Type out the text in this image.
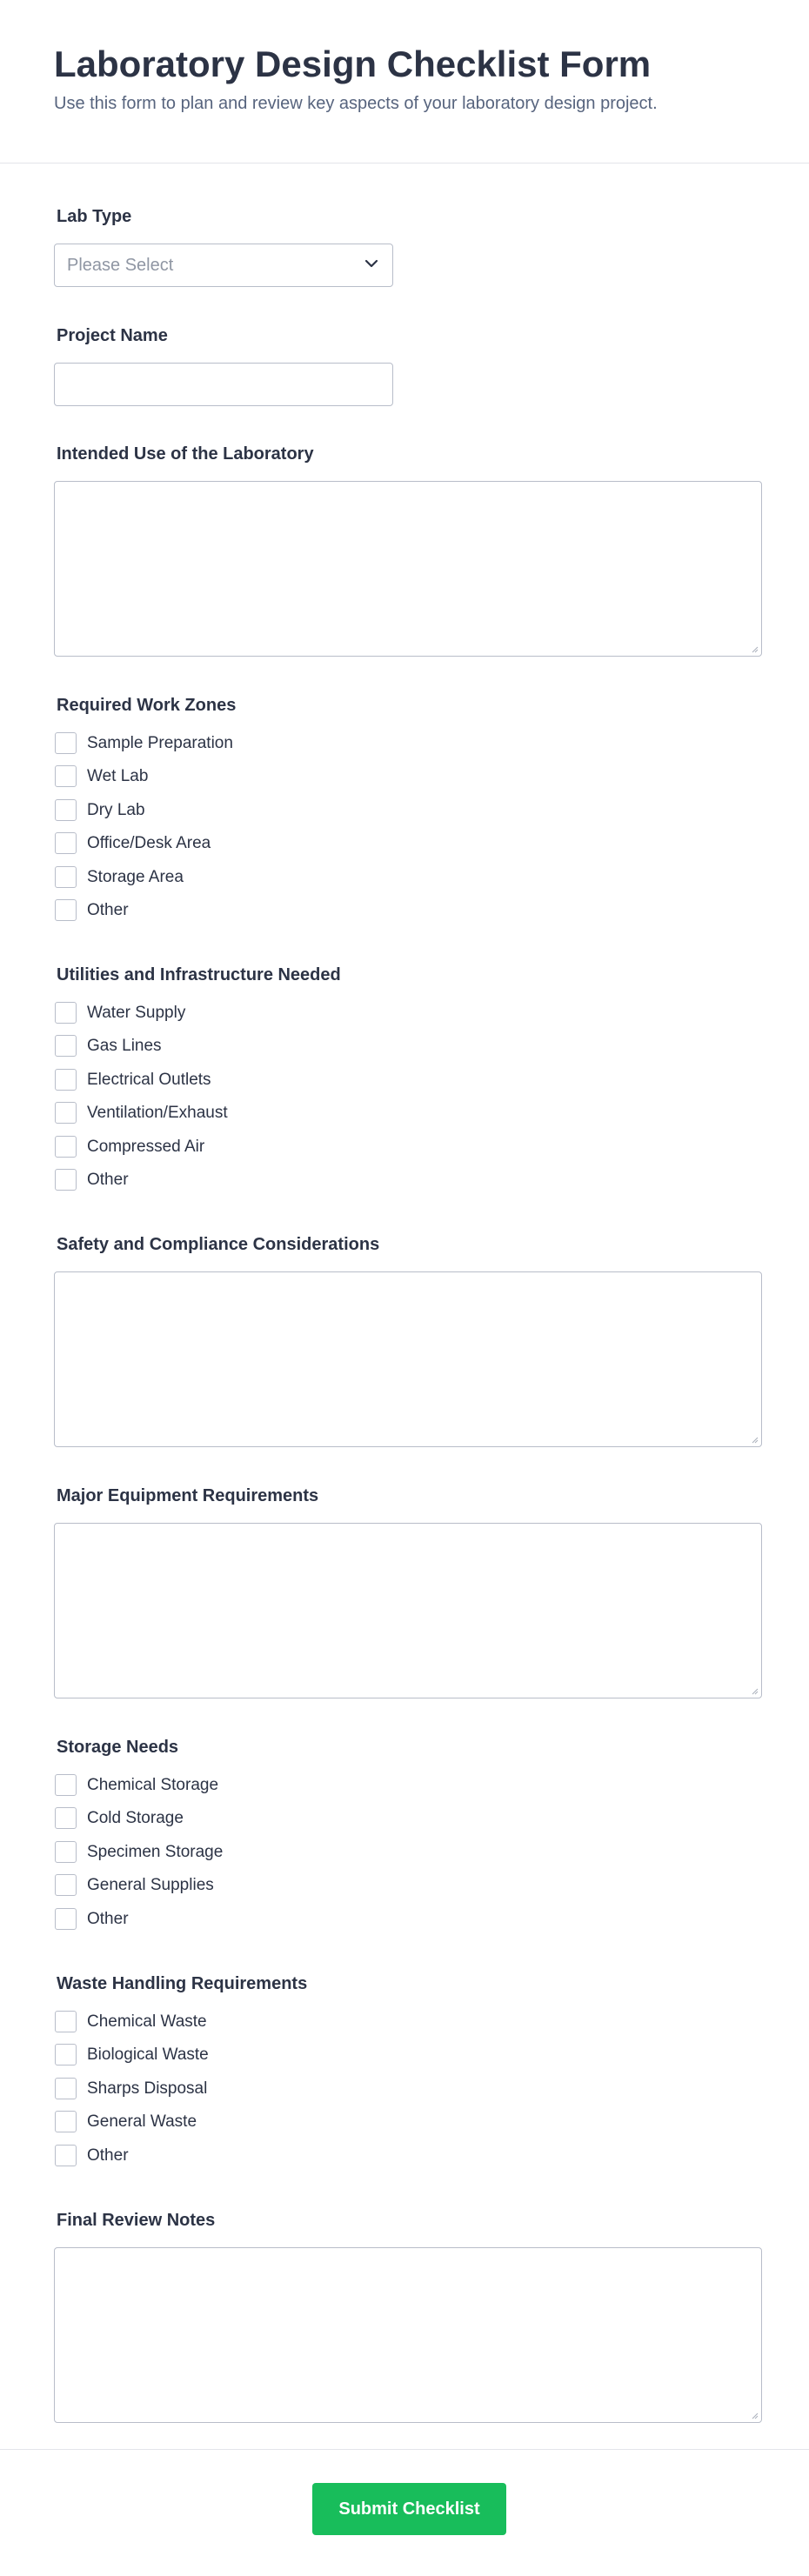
Laboratory Design Checklist Form
Use this form to plan and review key aspects of your laboratory design project.
Lab Type
Please Select
Project Name
Intended Use of the Laboratory
Required Work Zones
Sample Preparation
Wet Lab
Dry Lab
Office/Desk Area
Storage Area
Other
Utilities and Infrastructure Needed
Water Supply
Gas Lines
Electrical Outlets
Ventilation/Exhaust
Compressed Air
Other
Safety and Compliance Considerations
Major Equipment Requirements
Storage Needs
Chemical Storage
Cold Storage
Specimen Storage
General Supplies
Other
Waste Handling Requirements
Chemical Waste
Biological Waste
Sharps Disposal
General Waste
Other
Final Review Notes
Submit Checklist
